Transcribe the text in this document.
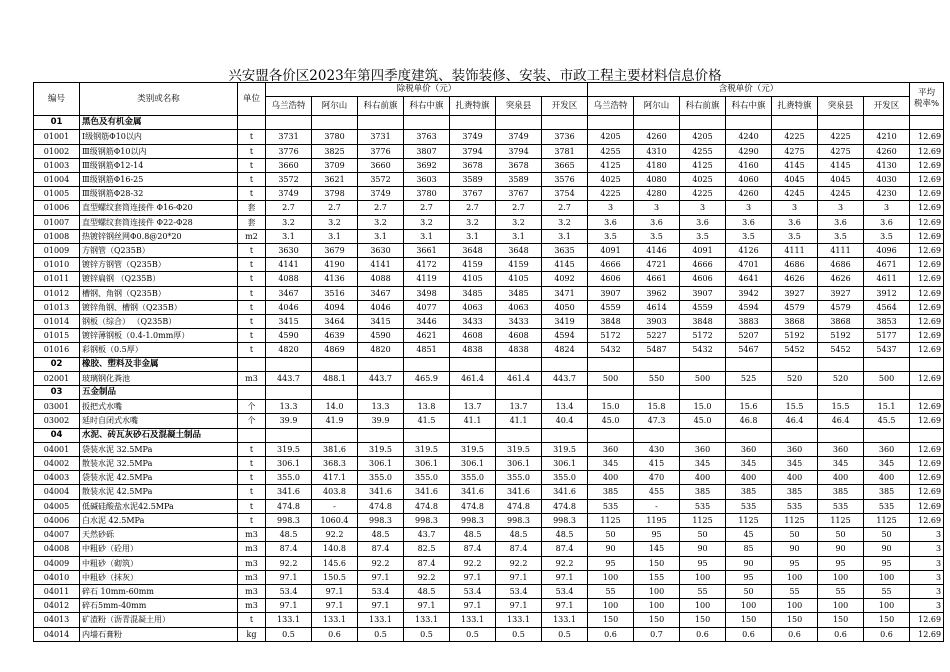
兴安盟各价区2023年第四季度建筑、装饰装修、安装、市政工程主要材料信息价格
编号	类别或名称	单位	除税单价（元）							含税单价（元）							平均
税率%
			乌兰浩特	阿尔山	科右前旗	科右中旗	扎赉特旗	突泉县	开发区	乌兰浩特	阿尔山	科右前旗	科右中旗	扎赉特旗	突泉县	开发区	
01	黑色及有机金属																
01001	Ⅰ级钢筋Φ10以内	t	3731	3780	3731	3763	3749	3749	3736	4205	4260	4205	4240	4225	4225	4210	12.69
01002	Ⅲ级钢筋Φ10以内	t	3776	3825	3776	3807	3794	3794	3781	4255	4310	4255	4290	4275	4275	4260	12.69
01003	Ⅲ级钢筋Φ12-14	t	3660	3709	3660	3692	3678	3678	3665	4125	4180	4125	4160	4145	4145	4130	12.69
01004	Ⅲ级钢筋Φ16-25	t	3572	3621	3572	3603	3589	3589	3576	4025	4080	4025	4060	4045	4045	4030	12.69
01005	Ⅲ级钢筋Φ28-32	t	3749	3798	3749	3780	3767	3767	3754	4225	4280	4225	4260	4245	4245	4230	12.69
01006	直型螺纹套筒连接件 Φ16-Φ20	套	2.7	2.7	2.7	2.7	2.7	2.7	2.7	3	3	3	3	3	3	3	12.69
01007	直型螺纹套筒连接件 Φ22-Φ28	套	3.2	3.2	3.2	3.2	3.2	3.2	3.2	3.6	3.6	3.6	3.6	3.6	3.6	3.6	12.69
01008	热镀锌钢丝网Φ0.8@20*20	m2	3.1	3.1	3.1	3.1	3.1	3.1	3.1	3.5	3.5	3.5	3.5	3.5	3.5	3.5	12.69
01009	方钢管（Q235B）	t	3630	3679	3630	3661	3648	3648	3635	4091	4146	4091	4126	4111	4111	4096	12.69
01010	镀锌方钢管（Q235B）	t	4141	4190	4141	4172	4159	4159	4145	4666	4721	4666	4701	4686	4686	4671	12.69
01011	镀锌扁钢 （Q235B）	t	4088	4136	4088	4119	4105	4105	4092	4606	4661	4606	4641	4626	4626	4611	12.69
01012	槽钢、角钢（Q235B）	t	3467	3516	3467	3498	3485	3485	3471	3907	3962	3907	3942	3927	3927	3912	12.69
01013	镀锌角钢、槽钢（Q235B）	t	4046	4094	4046	4077	4063	4063	4050	4559	4614	4559	4594	4579	4579	4564	12.69
01014	钢板（综合） （Q235B）	t	3415	3464	3415	3446	3433	3433	3419	3848	3903	3848	3883	3868	3868	3853	12.69
01015	镀锌薄钢板（0.4-1.0mm厚）	t	4590	4639	4590	4621	4608	4608	4594	5172	5227	5172	5207	5192	5192	5177	12.69
01016	彩钢板（0.5厚）	t	4820	4869	4820	4851	4838	4838	4824	5432	5487	5432	5467	5452	5452	5437	12.69
02	橡胶、塑料及非金属																
02001	玻璃钢化粪池	m3	443.7	488.1	443.7	465.9	461.4	461.4	443.7	500	550	500	525	520	520	500	12.69
03	五金制品																
03001	扳把式水嘴	个	13.3	14.0	13.3	13.8	13.7	13.7	13.4	15.0	15.8	15.0	15.6	15.5	15.5	15.1	12.69
03002	延时自闭式水嘴	个	39.9	41.9	39.9	41.5	41.1	41.1	40.4	45.0	47.3	45.0	46.8	46.4	46.4	45.5	12.69
04	水泥、砖瓦灰砂石及混凝土制品																
04001	袋装水泥 32.5MPa	t	319.5	381.6	319.5	319.5	319.5	319.5	319.5	360	430	360	360	360	360	360	12.69
04002	散装水泥 32.5MPa	t	306.1	368.3	306.1	306.1	306.1	306.1	306.1	345	415	345	345	345	345	345	12.69
04003	袋装水泥 42.5MPa	t	355.0	417.1	355.0	355.0	355.0	355.0	355.0	400	470	400	400	400	400	400	12.69
04004	散装水泥 42.5MPa	t	341.6	403.8	341.6	341.6	341.6	341.6	341.6	385	455	385	385	385	385	385	12.69
04005	低碱硅酸盐水泥42.5MPa	t	474.8	-	474.8	474.8	474.8	474.8	474.8	535	-	535	535	535	535	535	12.69
04006	白水泥 42.5MPa	t	998.3	1060.4	998.3	998.3	998.3	998.3	998.3	1125	1195	1125	1125	1125	1125	1125	12.69
04007	天然砂砾	m3	48.5	92.2	48.5	43.7	48.5	48.5	48.5	50	95	50	45	50	50	50	3
04008	中粗砂（砼用）	m3	87.4	140.8	87.4	82.5	87.4	87.4	87.4	90	145	90	85	90	90	90	3
04009	中粗砂（砌筑）	m3	92.2	145.6	92.2	87.4	92.2	92.2	92.2	95	150	95	90	95	95	95	3
04010	中粗砂（抹灰）	m3	97.1	150.5	97.1	92.2	97.1	97.1	97.1	100	155	100	95	100	100	100	3
04011	碎石 10mm-60mm	m3	53.4	97.1	53.4	48.5	53.4	53.4	53.4	55	100	55	50	55	55	55	3
04012	碎石5mm-40mm	m3	97.1	97.1	97.1	97.1	97.1	97.1	97.1	100	100	100	100	100	100	100	3
04013	矿渣粉（沥青混凝土用）	t	133.1	133.1	133.1	133.1	133.1	133.1	133.1	150	150	150	150	150	150	150	12.69
04014	内墙石膏粉	kg	0.5	0.6	0.5	0.5	0.5	0.5	0.5	0.6	0.7	0.6	0.6	0.6	0.6	0.6	12.69
